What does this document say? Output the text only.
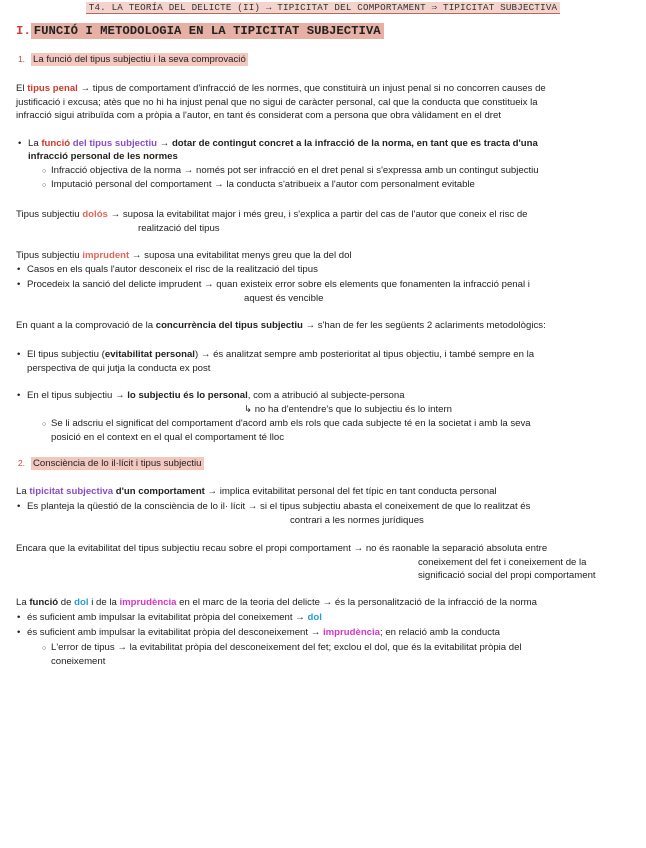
T4. LA TEORÍA DEL DELICTE (II) → TIPICITAT DEL COMPORTAMENT ⇒ TIPICITAT SUBJECTIVA
I. FUNCIÓ I METODOLOGIA EN LA TIPICITAT SUBJECTIVA
1. La funció del tipus subjectiu i la seva comprovació
El tipus penal → tipus de comportament d'infracció de les normes, que constituirà un injust penal si no concorren causes de
justificació i excusa; atès que no hi ha injust penal que no sigui de caràcter personal, cal que la conducta que constitueix la
infracció sigui atribuïda com a pròpia a l'autor, en tant és considerat com a persona que obra vàlidament en el dret
• La funció del tipus subjectiu → dotar de contingut concret a la infracció de la norma, en tant que es tracta d'una
infracció personal de les normes
○ Infracció objectiva de la norma → només pot ser infracció en el dret penal si s'expressa amb un contingut subjectiu
○ Imputació personal del comportament → la conducta s'atribueix a l'autor com personalment evitable
Tipus subjectiu dolós → suposa la evitabilitat major i més greu, i s'explica a partir del cas de l'autor que coneix el risc de
realització del tipus
Tipus subjectiu imprudent → suposa una evitabilitat menys greu que la del dol
• Casos en els quals l'autor desconeix el risc de la realització del tipus
• Procedeix la sanció del delicte imprudent → quan existeix error sobre els elements que fonamenten la infracció penal i
aquest és vencible
En quant a la comprovació de la concurrència del tipus subjectiu → s'han de fer les següents 2 aclariments metodològics:
• El tipus subjectiu (evitabilitat personal) → és analitzat sempre amb posterioritat al tipus objectiu, i també sempre en la
perspectiva de qui jutja la conducta ex post
• En el tipus subjectiu → lo subjectiu és lo personal, com a atribució al subjecte-persona
↳ no ha d'entendre's que lo subjectiu és lo intern
○ Se li adscriu el significat del comportament d'acord amb els rols que cada subjecte té en la societat i amb la seva
posició en el context en el qual el comportament té lloc
2. Consciència de lo il·lícit i tipus subjectiu
La tipicitat subjectiva d'un comportament → implica evitabilitat personal del fet típic en tant conducta personal
• Es planteja la qüestió de la consciència de lo il· lícit → si el tipus subjectiu abasta el coneixement de que lo realitzat és
contrari a les normes jurídiques
Encara que la evitabilitat del tipus subjectiu recau sobre el propi comportament → no és raonable la separació absoluta entre
coneixement del fet i coneixement de la
significació social del propi comportament
La funció de dol i de la imprudència en el marc de la teoria del delicte → és la personalització de la infracció de la norma
• és suficient amb impulsar la evitabilitat pròpia del coneixement → dol
• és suficient amb impulsar la evitabilitat pròpia del desconeixement → imprudència; en relació amb la conducta
○ L'error de tipus → la evitabilitat pròpia del desconeixement del fet; exclou el dol, que és la evitabilitat pròpia del
coneixement
